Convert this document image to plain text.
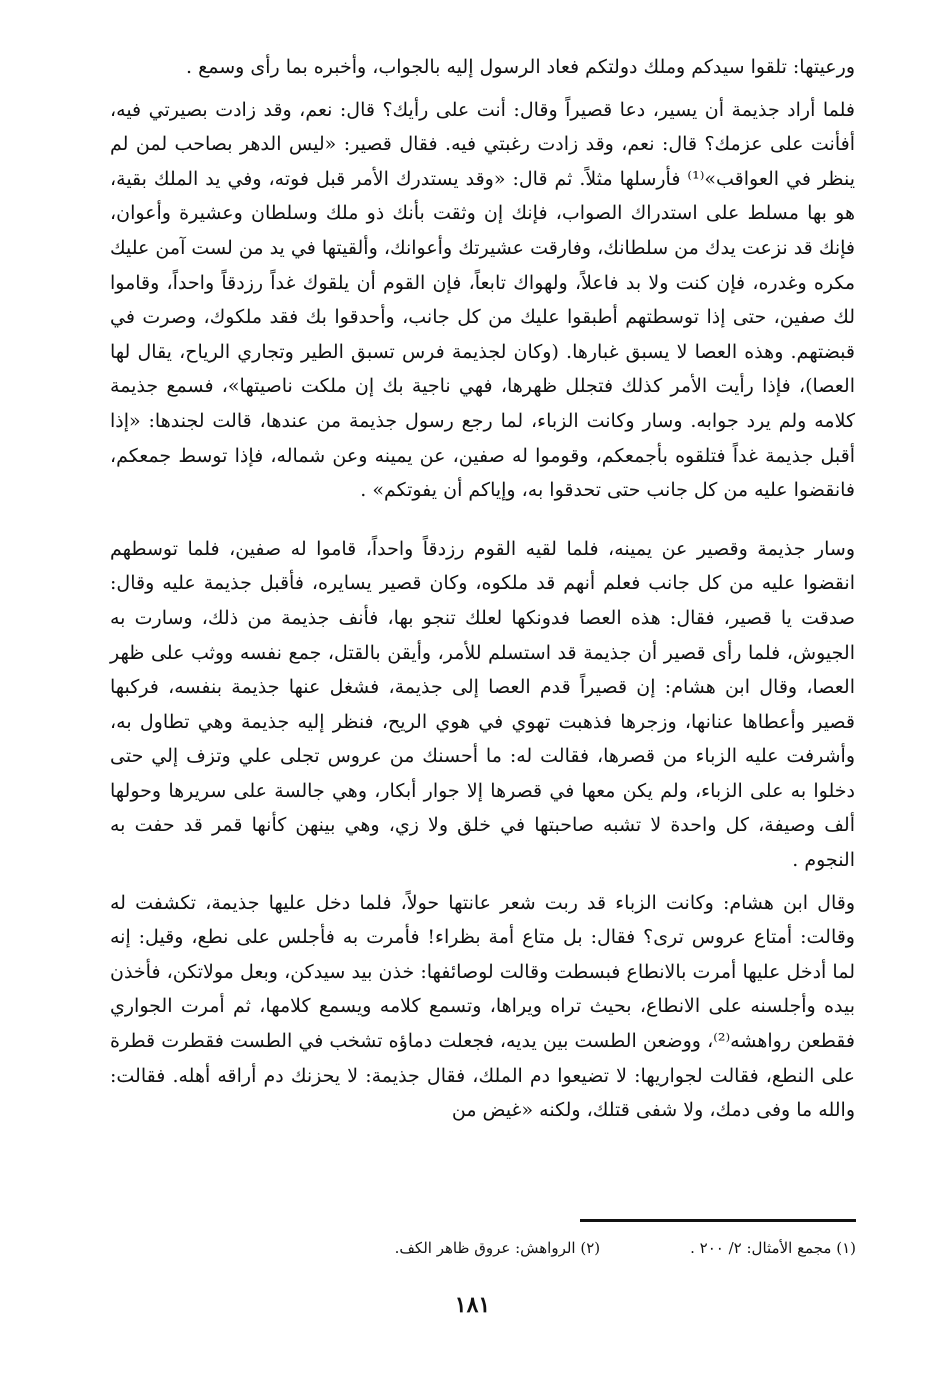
ورعيتها: تلقوا سيدكم وملك دولتكم فعاد الرسول إليه بالجواب، وأخبره بما رأى وسمع .

فلما أراد جذيمة أن يسير، دعا قصيراً وقال: أنت على رأيك؟ قال: نعم، وقد زادت بصيرتي فيه، أفأنت على عزمك؟ قال: نعم، وقد زادت رغبتي فيه. فقال قصير: «ليس الدهر بصاحب لمن لم ينظر في العواقب»⁽¹⁾ فأرسلها مثلاً. ثم قال: «وقد يستدرك الأمر قبل فوته، وفي يد الملك بقية، هو بها مسلط على استدراك الصواب، فإنك إن وثقت بأنك ذو ملك وسلطان وعشيرة وأعوان، فإنك قد نزعت يدك من سلطانك، وفارقت عشيرتك وأعوانك، وألقيتها في يد من لست آمن عليك مكره وغدره، فإن كنت ولا بد فاعلاً، ولهواك تابعاً، فإن القوم أن يلقوك غداً رزدقاً واحداً، وقاموا لك صفين، حتى إذا توسطتهم أطبقوا عليك من كل جانب، وأحدقوا بك فقد ملكوك، وصرت في قبضتهم. وهذه العصا لا يسبق غبارها. (وكان لجذيمة فرس تسبق الطير وتجاري الرياح، يقال لها العصا)، فإذا رأيت الأمر كذلك فتجلل ظهرها، فهي ناجية بك إن ملكت ناصيتها»، فسمع جذيمة كلامه ولم يرد جوابه. وسار وكانت الزباء، لما رجع رسول جذيمة من عندها، قالت لجندها: «إذا أقبل جذيمة غداً فتلقوه بأجمعكم، وقوموا له صفين، عن يمينه وعن شماله، فإذا توسط جمعكم، فانقضوا عليه من كل جانب حتى تحدقوا به، وإياكم أن يفوتكم» .

وسار جذيمة وقصير عن يمينه، فلما لقيه القوم رزدقاً واحداً، قاموا له صفين، فلما توسطهم انقضوا عليه من كل جانب فعلم أنهم قد ملكوه، وكان قصير يسايره، فأقبل جذيمة عليه وقال: صدقت يا قصير، فقال: هذه العصا فدونكها لعلك تنجو بها، فأنف جذيمة من ذلك، وسارت به الجيوش، فلما رأى قصير أن جذيمة قد استسلم للأمر، وأيقن بالقتل، جمع نفسه ووثب على ظهر العصا، وقال ابن هشام: إن قصيراً قدم العصا إلى جذيمة، فشغل عنها جذيمة بنفسه، فركبها قصير وأعطاها عنانها، وزجرها فذهبت تهوي في هوي الريح، فنظر إليه جذيمة وهي تطاول به، وأشرفت عليه الزباء من قصرها، فقالت له: ما أحسنك من عروس تجلى علي وتزف إلي حتى دخلوا به على الزباء، ولم يكن معها في قصرها إلا جوار أبكار، وهي جالسة على سريرها وحولها ألف وصيفة، كل واحدة لا تشبه صاحبتها في خلق ولا زي، وهي بينهن كأنها قمر قد حفت به النجوم .

وقال ابن هشام: وكانت الزباء قد ربت شعر عانتها حولاً، فلما دخل عليها جذيمة، تكشفت له وقالت: أمتاع عروس ترى؟ فقال: بل متاع أمة بظراء! فأمرت به فأجلس على نطع، وقيل: إنه لما أدخل عليها أمرت بالانطاع فبسطت وقالت لوصائفها: خذن بيد سيدكن، وبعل مولاتكن، فأخذن بيده وأجلسنه على الانطاع، بحيث تراه ويراها، وتسمع كلامه ويسمع كلامها، ثم أمرت الجواري فقطعن رواهشه⁽²⁾، ووضعن الطست بين يديه، فجعلت دماؤه تشخب في الطست فقطرت قطرة على النطع، فقالت لجواريها: لا تضيعوا دم الملك، فقال جذيمة: لا يحزنك دم أراقه أهله. فقالت: والله ما وفى دمك، ولا شفى قتلك، ولكنه «غيض من

(١) مجمع الأمثال: ٢/ ٢٠٠ .
(٢) الرواهش: عروق ظاهر الكف.
١٨١
